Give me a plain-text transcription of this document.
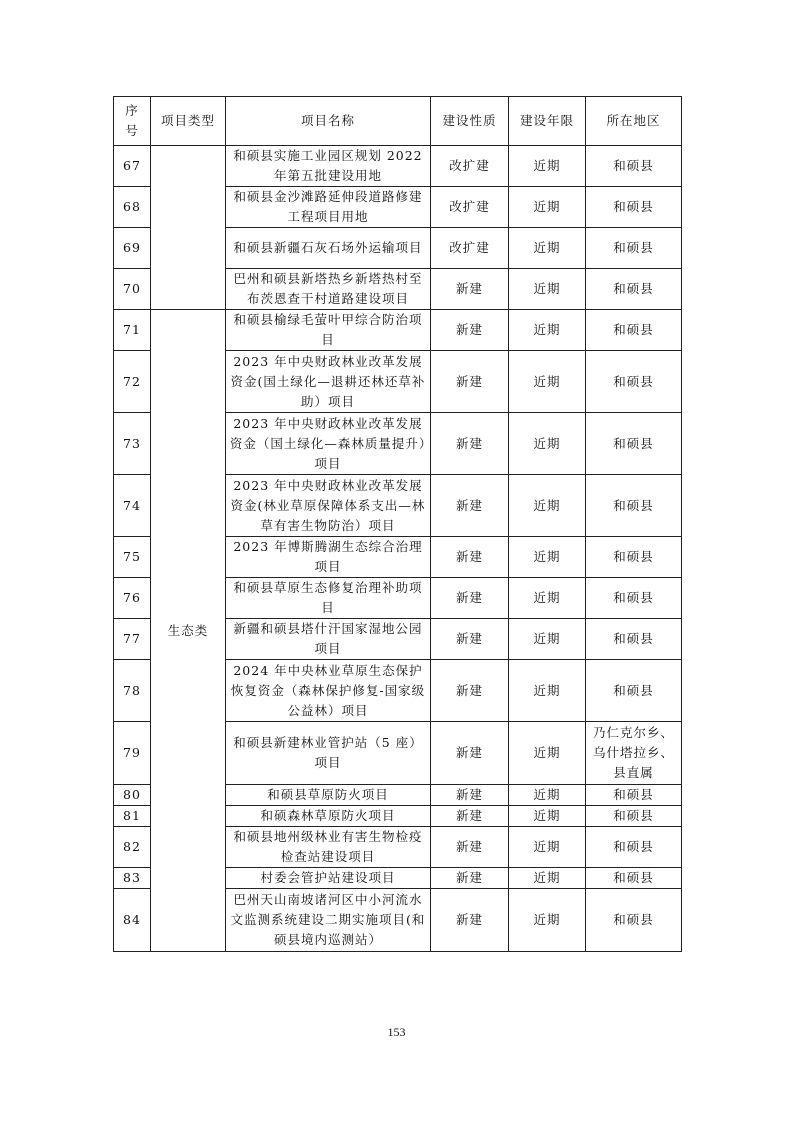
序
号	项目类型	项目名称	建设性质	建设年限	所在地区
67		和硕县实施工业园区规划 2022 年第五批建设用地	改扩建	近期	和硕县
68		和硕县金沙滩路延伸段道路修建工程项目用地	改扩建	近期	和硕县
69		和硕县新疆石灰石场外运输项目	改扩建	近期	和硕县
70		巴州和硕县新塔热乡新塔热村至布茨恩查干村道路建设项目	新建	近期	和硕县
71	生态类	和硕县榆绿毛萤叶甲综合防治项目	新建	近期	和硕县
72		2023 年中央财政林业改革发展资金(国土绿化—退耕还林还草补助）项目	新建	近期	和硕县
73		2023 年中央财政林业改革发展资金（国土绿化—森林质量提升）项目	新建	近期	和硕县
74		2023 年中央财政林业改革发展资金(林业草原保障体系支出—林草有害生物防治）项目	新建	近期	和硕县
75		2023 年博斯腾湖生态综合治理项目	新建	近期	和硕县
76		和硕县草原生态修复治理补助项目	新建	近期	和硕县
77		新疆和硕县塔什汗国家湿地公园项目	新建	近期	和硕县
78		2024 年中央林业草原生态保护恢复资金（森林保护修复-国家级公益林）项目	新建	近期	和硕县
79		和硕县新建林业管护站（5 座）项目	新建	近期	乃仁克尔乡、乌什塔拉乡、县直属
80		和硕县草原防火项目	新建	近期	和硕县
81		和硕森林草原防火项目	新建	近期	和硕县
82		和硕县地州级林业有害生物检疫检查站建设项目	新建	近期	和硕县
83		村委会管护站建设项目	新建	近期	和硕县
84		巴州天山南坡诸河区中小河流水文监测系统建设二期实施项目(和硕县境内巡测站）	新建	近期	和硕县
153
